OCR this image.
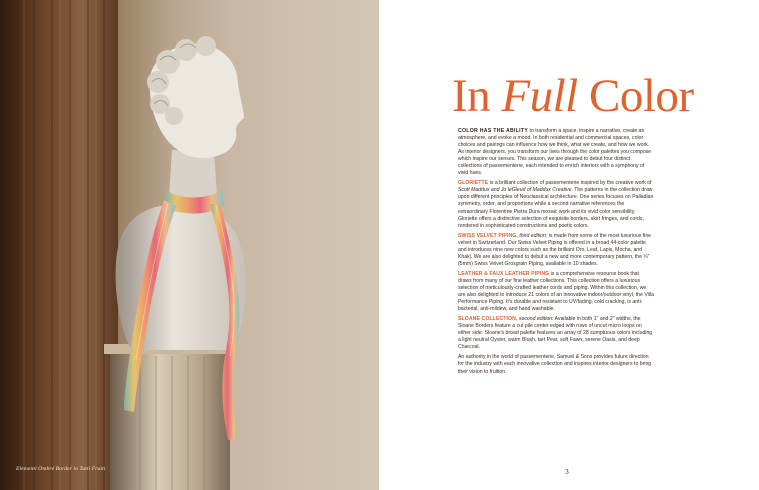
Elementi Ombré Border in Tutti Frutti
In Full Color

COLOR HAS THE ABILITY to transform a space, inspire a narrative, create an atmosphere, and evoke a mood. In both residential and commercial spaces, color choices and pairings can influence how we think, what we create, and how we work. As interior designers, you transform our lives through the color palettes you compose which inspire our senses. This season, we are pleased to debut four distinct collections of passementerie, each intended to enrich interiors with a symphony of vivid hues.

GLORIETTE is a brilliant collection of passementerie inspired by the creative work of Scott Maddux and Jo leGleud of Maddux Creative. The patterns in the collection draw upon different principles of Neoclassical architecture. One series focuses on Palladian symmetry, order, and proportions while a second narrative references the extraordinary Florentine Pietra Dura mosaic work and its vivid color sensibility. Gloriette offers a distinctive selection of exquisite borders, skirt fringes, and cords, rendered in sophisticated constructions and poetic colors.

SWISS VELVET PIPING, third edition: is made from some of the most luxurious fine velvet in Switzerland. Our Swiss Velvet Piping is offered in a broad 44-color palette and introduces nine new colors such as the brilliant Oro, Leaf, Lapis, Mocha, and Khaki. We are also delighted to debut a new and more contemporary pattern, the ¼" (5mm) Swiss Velvet Grosgrain Piping, available in 10 shades.

LEATHER & FAUX LEATHER PIPING is a comprehensive resource book that draws from many of our fine leather collections. This collection offers a luxurious selection of meticulously-crafted leather cords and piping. Within this collection, we are also delighted to introduce 21 colors of an innovative indoor/outdoor vinyl, the Villa Performance Piping. It's durable and resistant to UV/fading, cold cracking, is anti-bacterial, anti-mildew, and hand washable.

SLOANE COLLECTION, second edition: Available in both 1" and 2" widths, the Sloane Borders feature a cut pile center edged with rows of uncut micro loops on either side. Sloane's broad palette features an array of 28 sumptuous colors including a light neutral Oyster, warm Blush, tart Pear, soft Fawn, serene Oasis, and deep Charcoal.

An authority in the world of passementerie, Samuel & Sons provides future direction for the industry with each innovative collection and inspires interior designers to bring their vision to fruition.

3
